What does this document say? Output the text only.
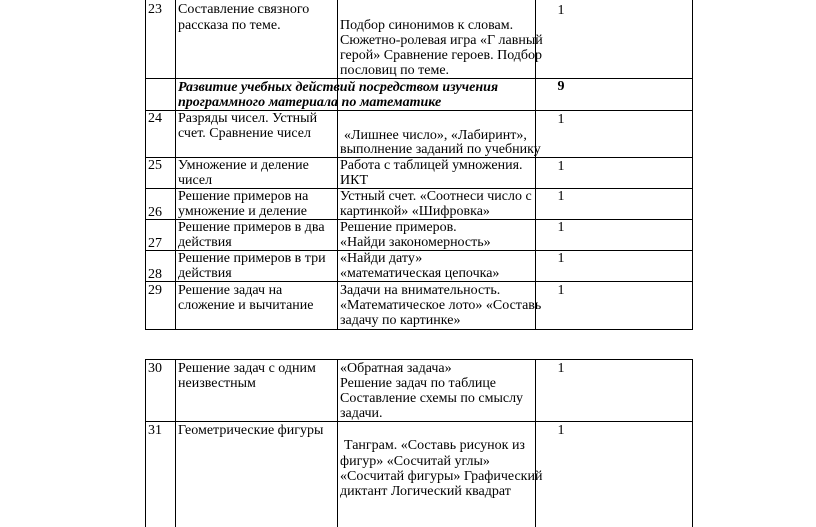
23 Составление связного
рассказа по теме.	Подбор синонимов к словам.
Сюжетно-ролевая игра «Г лавный
герой» Сравнение героев. Подбор
пословиц по теме.
1
Развитие учебных действий посредством изучения
программного материала по математике
9
24 Разряды чисел. Устный
счет. Сравнение чисел «Лишнее число», «Лабиринт»,
выполнение заданий по учебнику
1
25 Умножение и деление
чисел
Работа с таблицей умножения.
ИКТ
1
26
Решение примеров на
умножение и деление
Устный счет. «Соотнеси число с
картинкой» «Шифровка»
1
27
Решение примеров в два
действия
Решение примеров.
«Найди закономерность»
1
28
Решение примеров в три
действия
«Найди дату»
«математическая цепочка»
1
29 Решение задач на
сложение и вычитание
Задачи на внимательность.
«Математическое лото» «Составь
задачу по картинке»
1
30 Решение задач с одним
неизвестным
«Обратная задача»
Решение задач по таблице
Составление схемы по смыслу
задачи.
1
31 Геометрические фигуры
Танграм. «Составь рисунок из
фигур» «Сосчитай углы»
«Сосчитай фигуры» Графический
диктант Логический квадрат
1
